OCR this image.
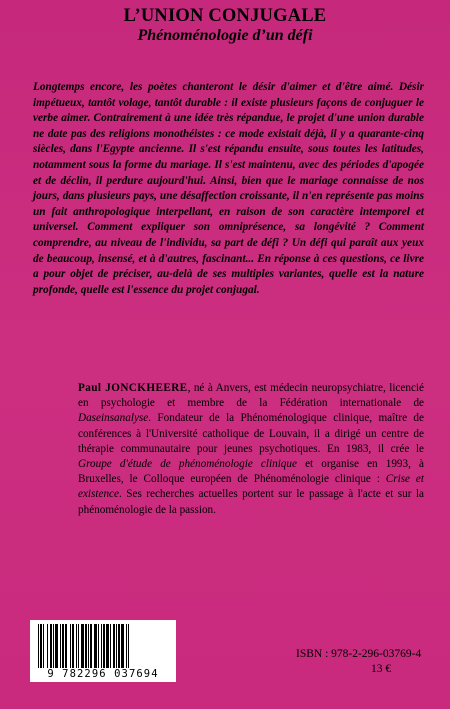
L’UNION CONJUGALE
Phénoménologie d’un défi

Longtemps encore, les poètes chanteront le désir d'aimer et d'être aimé. Désir impétueux, tantôt volage, tantôt durable : il existe plusieurs façons de conjuguer le verbe aimer. Contrairement à une idée très répandue, le projet d'une union durable ne date pas des religions monothéistes : ce mode existait déjà, il y a quarante-cinq siècles, dans l'Egypte ancienne. Il s'est répandu ensuite, sous toutes les latitudes, notamment sous la forme du mariage. Il s'est maintenu, avec des périodes d'apogée et de déclin, il perdure aujourd'hui. Ainsi, bien que le mariage connaisse de nos jours, dans plusieurs pays, une désaffection croissante, il n'en représente pas moins un fait anthropologique interpellant, en raison de son caractère intemporel et universel. Comment expliquer son omniprésence, sa longévité ? Comment comprendre, au niveau de l'individu, sa part de défi ? Un défi qui paraît aux yeux de beaucoup, insensé, et à d'autres, fascinant... En réponse à ces questions, ce livre a pour objet de préciser, au-delà de ses multiples variantes, quelle est la nature profonde, quelle est l'essence du projet conjugal.

Paul JONCKHEERE, né à Anvers, est médecin neuropsychiatre, licencié en psychologie et membre de la Fédération internationale de Daseinsanalyse. Fondateur de la Phénoménologique clinique, maître de conférences à l'Université catholique de Louvain, il a dirigé un centre de thérapie communautaire pour jeunes psychotiques. En 1983, il crée le Groupe d'étude de phénoménologie clinique et organise en 1993, à Bruxelles, le Colloque européen de Phénoménologie clinique : Crise et existence. Ses recherches actuelles portent sur le passage à l'acte et sur la phénoménologie de la passion.

9 782296 037694
ISBN : 978-2-296-03769-4
13 €
